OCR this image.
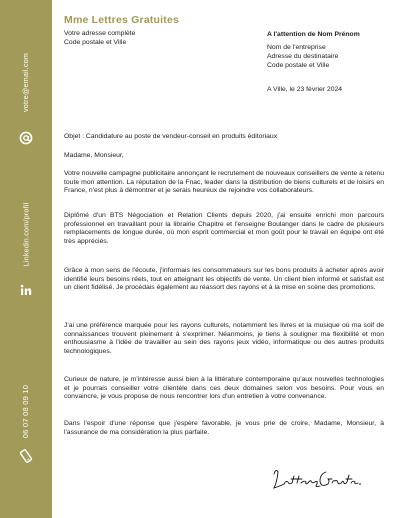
votre@email.com
Linkedin.com/profil
06 07 08 09 10
Mme Lettres Gratuites
Votre adresse complète
Code postale et Ville
A l'attention de Nom Prénom
Nom de l'entreprise
Adresse du destinataire
Code postale et Ville
A Ville, le 23 février 2024
Objet : Candidature au poste de vendeur-conseil en produits éditoriaux
Madame, Monsieur,
Votre nouvelle campagne publicitaire annonçant le recrutement de nouveaux conseillers de vente a retenu toute mon attention. La réputation de la Fnac, leader dans la distribution de biens culturels et de loisirs en France, n'est plus à démontrer et je serais heureux de rejoindre vos collaborateurs.
Diplômé d'un BTS Négociation et Relation Clients depuis 2020, j'ai ensuite enrichi mon parcours professionnel en travaillant pour la librairie Chapitre et l'enseigne Boulanger dans le cadre de plusieurs remplacements de longue durée, où mon esprit commercial et mon goût pour le travail en équipe ont été très appréciés.
Grâce à mon sens de l'écoute, j'informais les consommateurs sur les bons produits à acheter après avoir identifié leurs besoins réels, tout en atteignant les objectifs de vente. Un client bien informé et satisfait est un client fidélisé. Je procédais également au réassort des rayons et à la mise en scène des promotions.
J'ai une préférence marquée pour les rayons culturels, notamment les livres et la musique où ma soif de connaissances trouvent pleinement à s'exprimer. Néanmoins, je tiens à souligner ma flexibilité et mon enthousiasme à l'idée de travailler au sein des rayons jeux vidéo, informatique ou des autres produits technologiques.
Curieux de nature, je m'intéresse aussi bien à la littérature contemporaine qu'aux nouvelles technologies et je pourrais conseiller votre clientèle dans ces deux domaines selon vos besoins. Pour vous en convaincre, je vous propose de nous rencontrer lors d'un entretien à votre convenance.
Dans l'espoir d'une réponse que j'espère favorable, je vous prie de croire, Madame, Monsieur, à l'assurance de ma considération la plus parfaite.
